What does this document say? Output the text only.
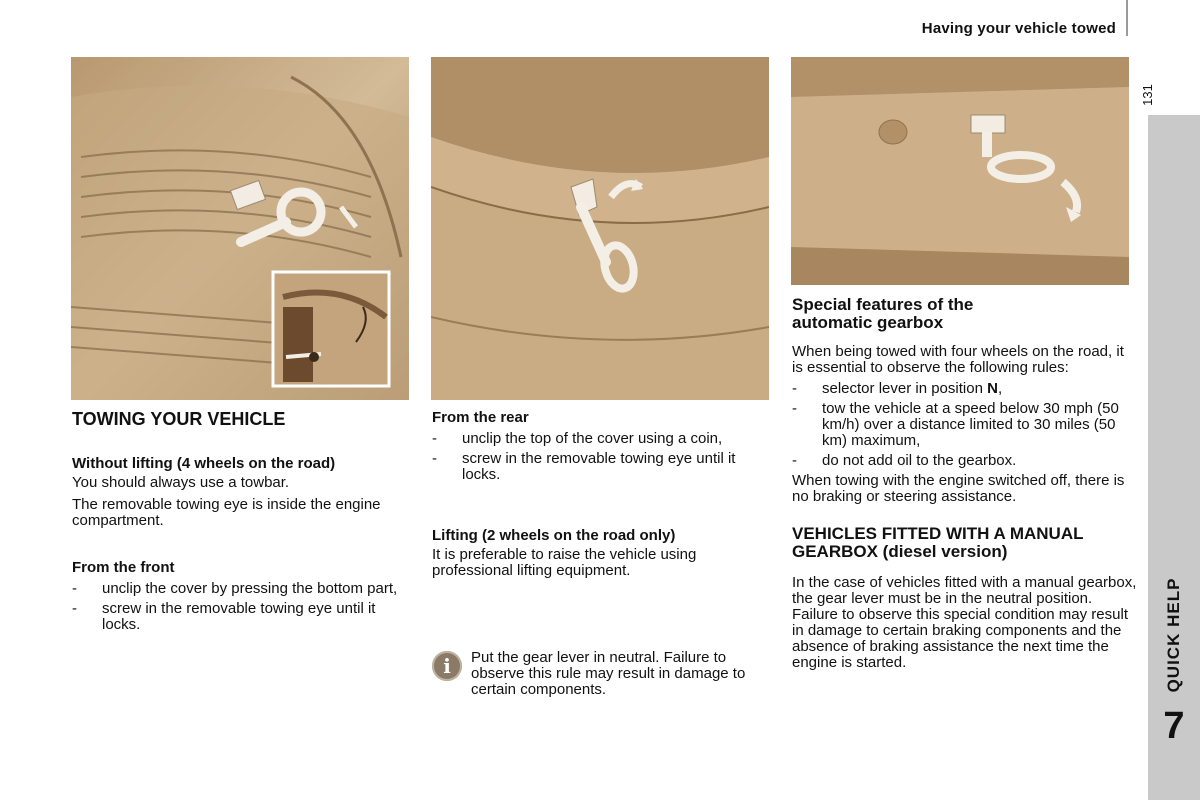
Having your vehicle towed
131
QUICK HELP
7
TOWING YOUR VEHICLE
Without lifting (4 wheels on the road)

You should always use a towbar.

The removable towing eye is inside the engine compartment.

From the front
- unclip the cover by pressing the bottom part,
- screw in the removable towing eye until it locks.
From the rear
- unclip the top of the cover using a coin,
- screw in the removable towing eye until it locks.
Lifting (2 wheels on the road only)

It is preferable to raise the vehicle using professional lifting equipment.

i	Put the gear lever in neutral. Failure to observe this rule may result in damage to certain components.
Special features of the automatic gearbox

When being towed with four wheels on the road, it is essential to observe the following rules:

- selector lever in position N,
- tow the vehicle at a speed below 30 mph (50 km/h) over a distance limited to 30 miles (50 km) maximum,
- do not add oil to the gearbox.

When towing with the engine switched off, there is no braking or steering assistance.

VEHICLES FITTED WITH A MANUAL GEARBOX (diesel version)

In the case of vehicles fitted with a manual gearbox, the gear lever must be in the neutral position. Failure to observe this special condition may result in damage to certain braking components and the absence of braking assistance the next time the engine is started.
